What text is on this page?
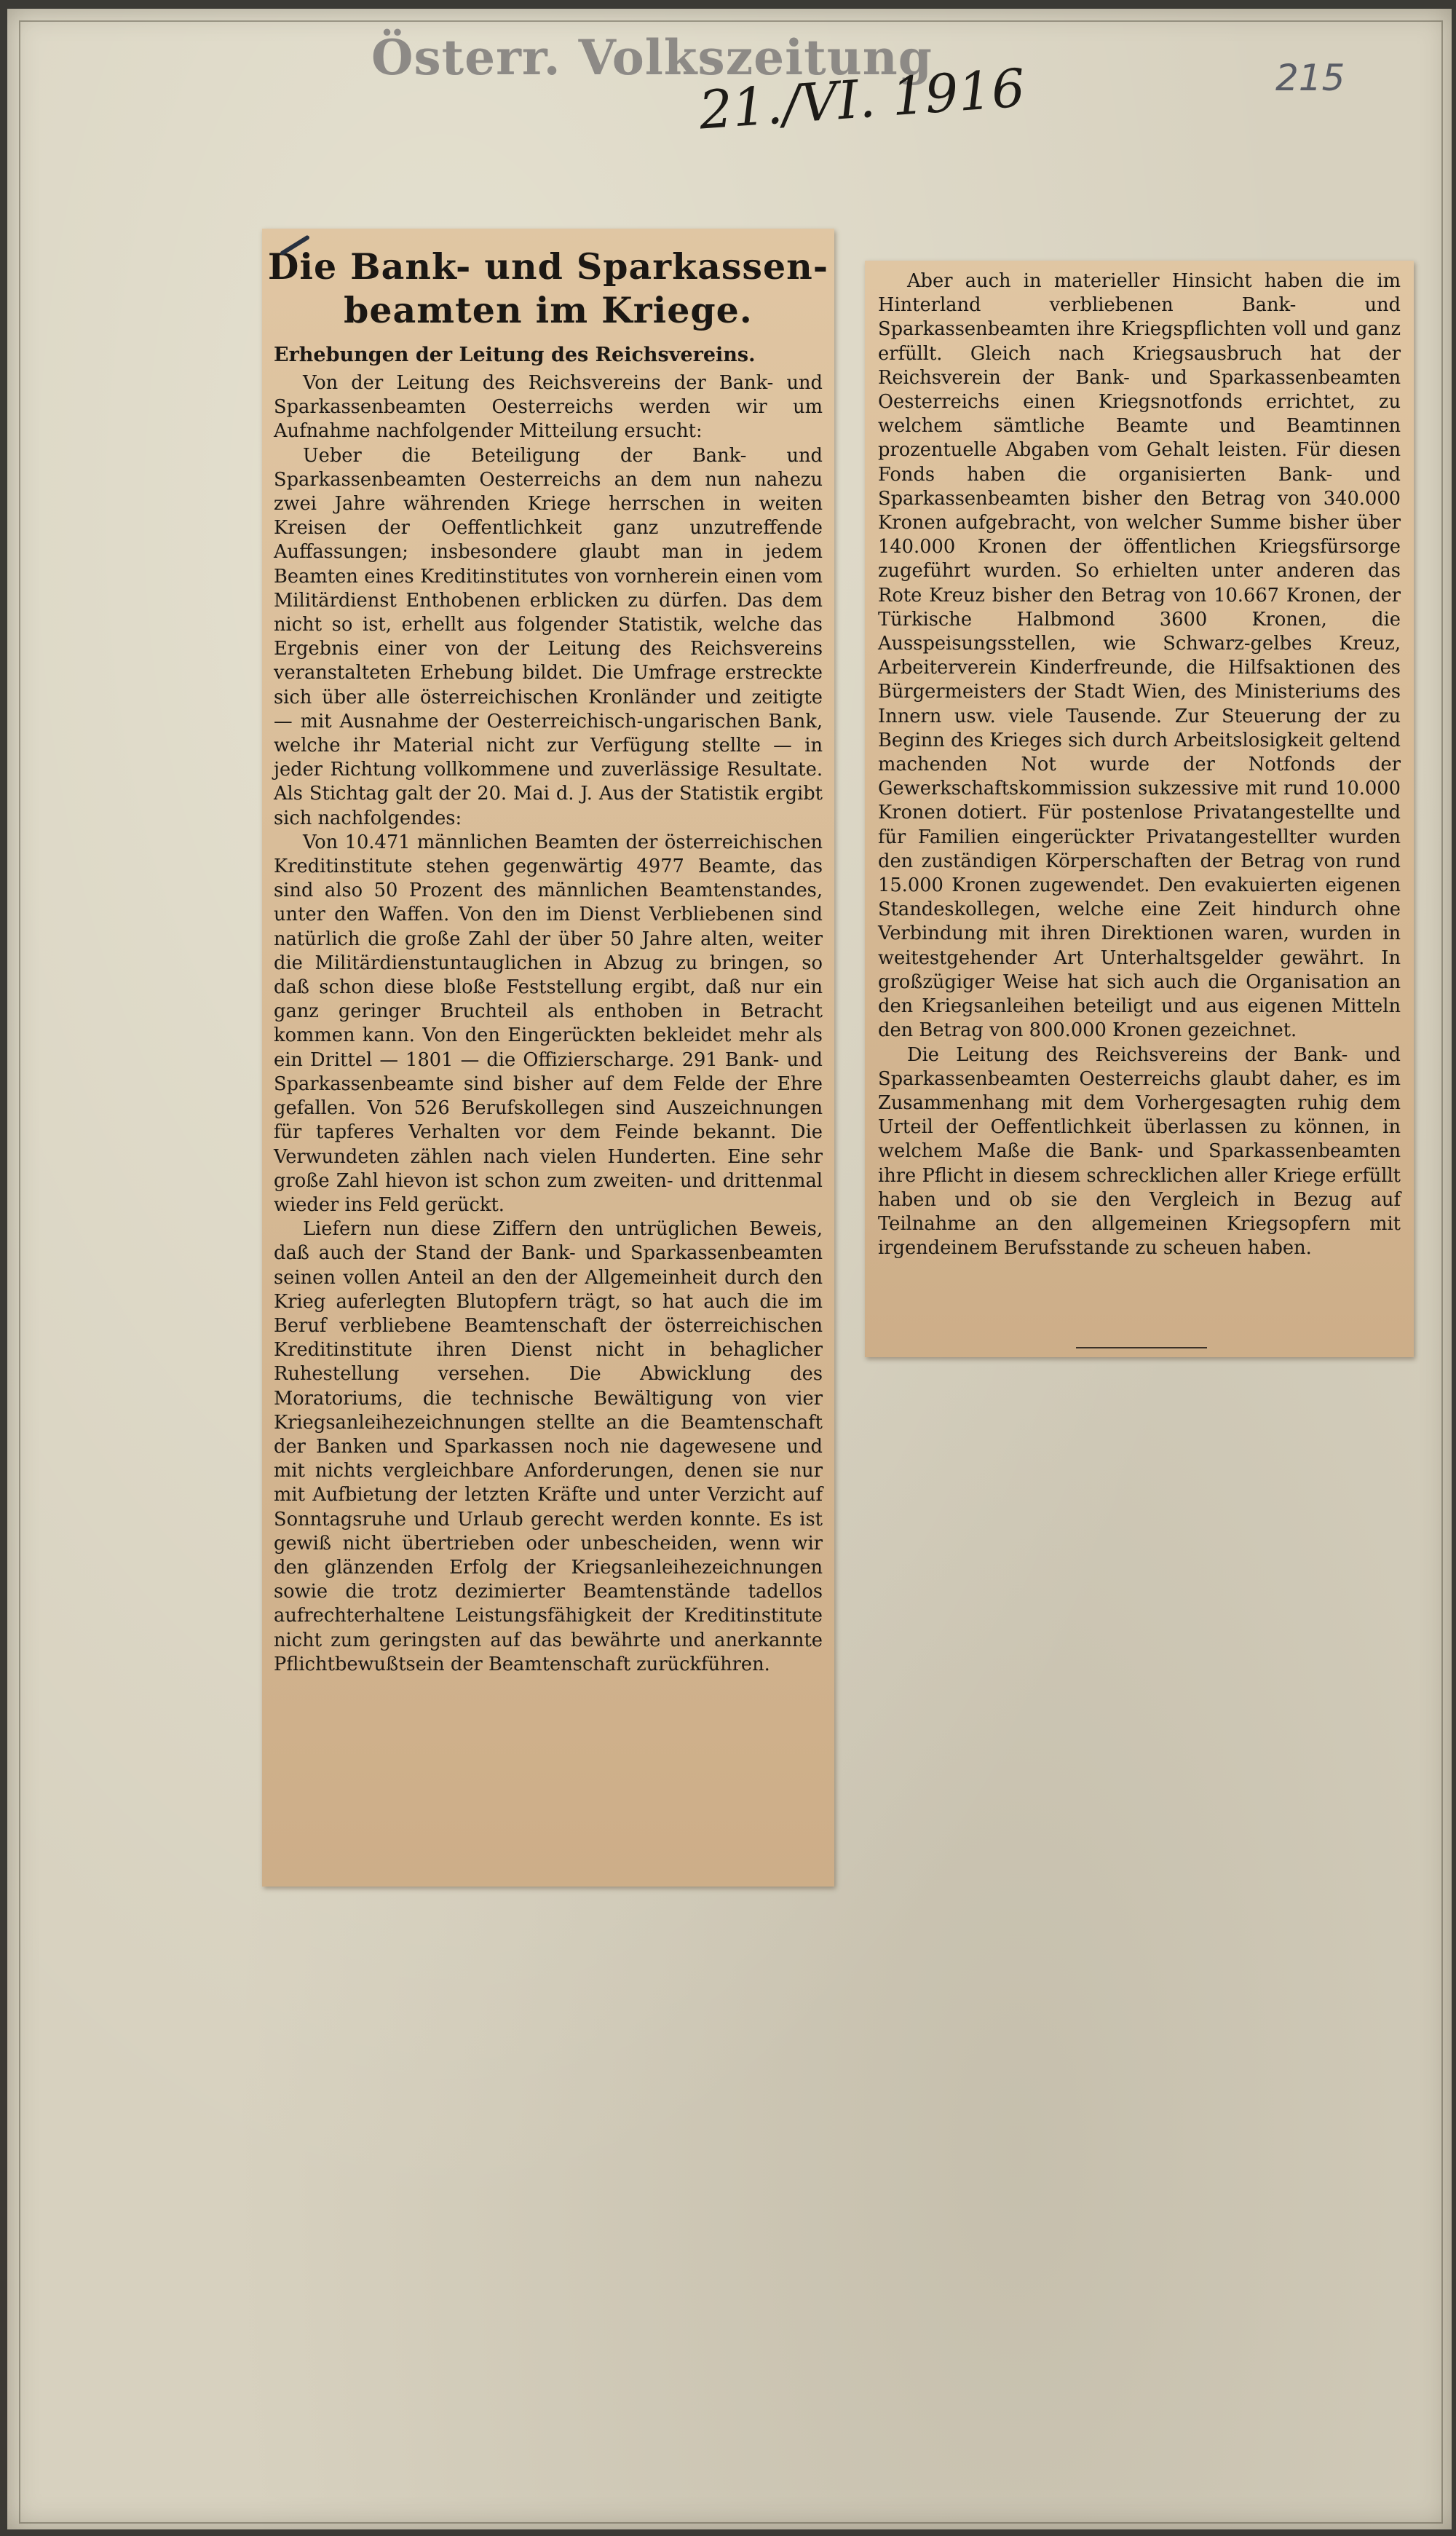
Österr. Volkszeitung
21./VI. 1916	215
Die Bank- und Sparkassen-
beamten im Kriege.
Erhebungen der Leitung des Reichsvereins.

Von der Leitung des Reichsvereins der Bank- und Sparkassenbeamten Oesterreichs werden wir um Aufnahme nachfolgender Mitteilung ersucht:

Ueber die Beteiligung der Bank- und Sparkassenbeamten Oesterreichs an dem nun nahezu zwei Jahre währenden Kriege herrschen in weiten Kreisen der Oeffentlichkeit ganz unzutreffende Auffassungen; insbesondere glaubt man in jedem Beamten eines Kreditinstitutes von vornherein einen vom Militärdienst Enthobenen erblicken zu dürfen. Das dem nicht so ist, erhellt aus folgender Statistik, welche das Ergebnis einer von der Leitung des Reichsvereins veranstalteten Erhebung bildet. Die Umfrage erstreckte sich über alle österreichischen Kronländer und zeitigte — mit Ausnahme der Oesterreichisch-ungarischen Bank, welche ihr Material nicht zur Verfügung stellte — in jeder Richtung vollkommene und zuverlässige Resultate. Als Stichtag galt der 20. Mai d. J. Aus der Statistik ergibt sich nachfolgendes:

Von 10.471 männlichen Beamten der österreichischen Kreditinstitute stehen gegenwärtig 4977 Beamte, das sind also 50 Prozent des männlichen Beamtenstandes, unter den Waffen. Von den im Dienst Verbliebenen sind natürlich die große Zahl der über 50 Jahre alten, weiter die Militärdienstuntauglichen in Abzug zu bringen, so daß schon diese bloße Feststellung ergibt, daß nur ein ganz geringer Bruchteil als enthoben in Betracht kommen kann. Von den Eingerückten bekleidet mehr als ein Drittel — 1801 — die Offizierscharge. 291 Bank- und Sparkassenbeamte sind bisher auf dem Felde der Ehre gefallen. Von 526 Berufskollegen sind Auszeichnungen für tapferes Verhalten vor dem Feinde bekannt. Die Verwundeten zählen nach vielen Hunderten. Eine sehr große Zahl hievon ist schon zum zweiten- und drittenmal wieder ins Feld gerückt.

Liefern nun diese Ziffern den untrüglichen Beweis, daß auch der Stand der Bank- und Sparkassenbeamten seinen vollen Anteil an den der Allgemeinheit durch den Krieg auferlegten Blutopfern trägt, so hat auch die im Beruf verbliebene Beamtenschaft der österreichischen Kreditinstitute ihren Dienst nicht in behaglicher Ruhestellung versehen. Die Abwicklung des Moratoriums, die technische Bewältigung von vier Kriegsanleihezeichnungen stellte an die Beamtenschaft der Banken und Sparkassen noch nie dagewesene und mit nichts vergleichbare Anforderungen, denen sie nur mit Aufbietung der letzten Kräfte und unter Verzicht auf Sonntagsruhe und Urlaub gerecht werden konnte. Es ist gewiß nicht übertrieben oder unbescheiden, wenn wir den glänzenden Erfolg der Kriegsanleihezeichnungen sowie die trotz dezimierter Beamtenstände tadellos aufrechterhaltene Leistungsfähigkeit der Kreditinstitute nicht zum geringsten auf das bewährte und anerkannte Pflichtbewußtsein der Beamtenschaft zurückführen.

Aber auch in materieller Hinsicht haben die im Hinterland verbliebenen Bank- und Sparkassenbeamten ihre Kriegspflichten voll und ganz erfüllt. Gleich nach Kriegsausbruch hat der Reichsverein der Bank- und Sparkassenbeamten Oesterreichs einen Kriegsnotfonds errichtet, zu welchem sämtliche Beamte und Beamtinnen prozentuelle Abgaben vom Gehalt leisten. Für diesen Fonds haben die organisierten Bank- und Sparkassenbeamten bisher den Betrag von 340.000 Kronen aufgebracht, von welcher Summe bisher über 140.000 Kronen der öffentlichen Kriegsfürsorge zugeführt wurden. So erhielten unter anderen das Rote Kreuz bisher den Betrag von 10.667 Kronen, der Türkische Halbmond 3600 Kronen, die Ausspeisungsstellen, wie Schwarz-gelbes Kreuz, Arbeiterverein Kinderfreunde, die Hilfsaktionen des Bürgermeisters der Stadt Wien, des Ministeriums des Innern usw. viele Tausende. Zur Steuerung der zu Beginn des Krieges sich durch Arbeitslosigkeit geltend machenden Not wurde der Notfonds der Gewerkschaftskommission sukzessive mit rund 10.000 Kronen dotiert. Für postenlose Privatangestellte und für Familien eingerückter Privatangestellter wurden den zuständigen Körperschaften der Betrag von rund 15.000 Kronen zugewendet. Den evakuierten eigenen Standeskollegen, welche eine Zeit hindurch ohne Verbindung mit ihren Direktionen waren, wurden in weitestgehender Art Unterhaltsgelder gewährt. In großzügiger Weise hat sich auch die Organisation an den Kriegsanleihen beteiligt und aus eigenen Mitteln den Betrag von 800.000 Kronen gezeichnet.

Die Leitung des Reichsvereins der Bank- und Sparkassenbeamten Oesterreichs glaubt daher, es im Zusammenhang mit dem Vorhergesagten ruhig dem Urteil der Oeffentlichkeit überlassen zu können, in welchem Maße die Bank- und Sparkassenbeamten ihre Pflicht in diesem schrecklichen aller Kriege erfüllt haben und ob sie den Vergleich in Bezug auf Teilnahme an den allgemeinen Kriegsopfern mit irgendeinem Berufsstande zu scheuen haben.
